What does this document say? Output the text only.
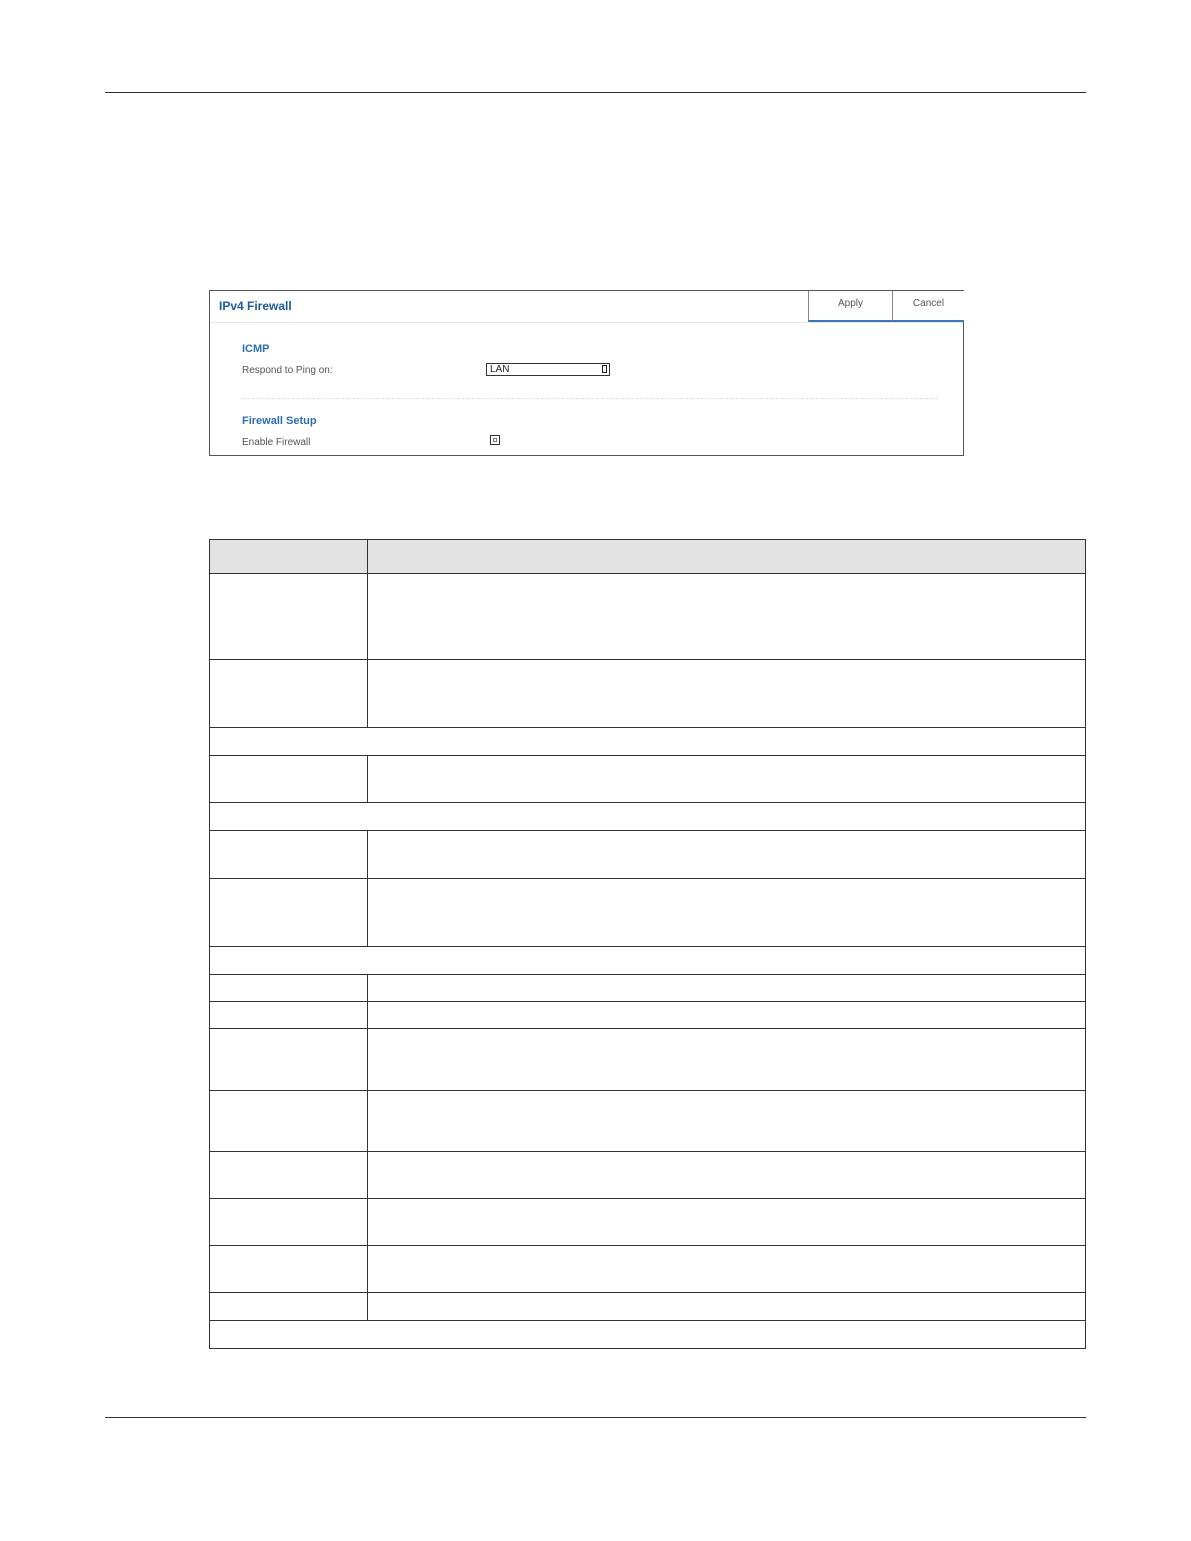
IPv4 Firewall	Apply	Cancel
ICMP
Respond to Ping on:	LAN
Firewall Setup
Enable Firewall
